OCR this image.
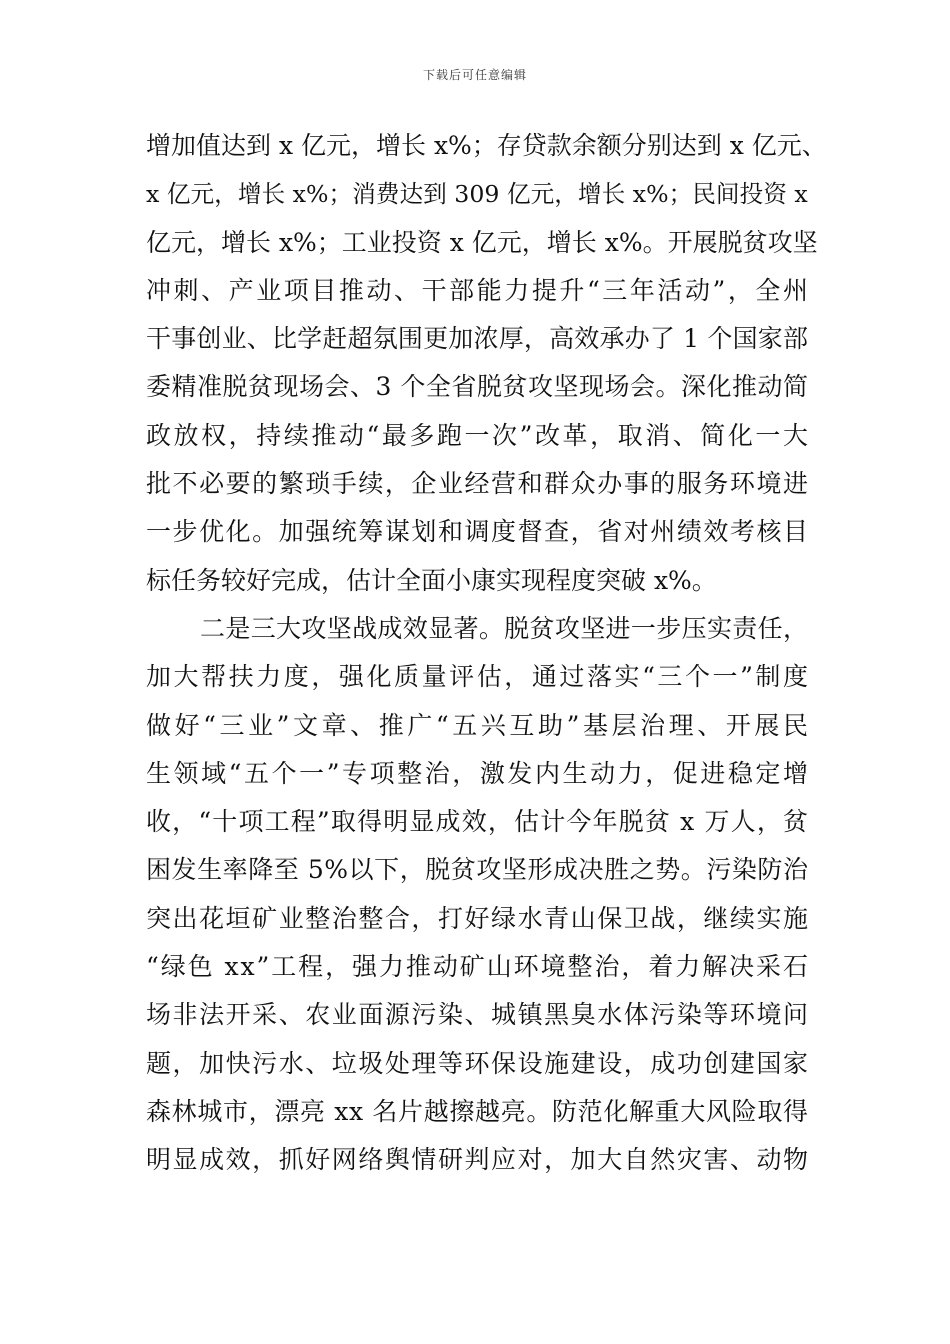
下载后可任意编辑
增加值达到 x 亿元，增长 x%；存贷款余额分别达到 x 亿元、
x 亿元，增长 x%；消费达到 309 亿元，增长 x%；民间投资 x
亿元，增长 x%；工业投资 x 亿元，增长 x%。开展脱贫攻坚
冲刺、产业项目推动、干部能力提升“三年活动”，全州
干事创业、比学赶超氛围更加浓厚，高效承办了 1 个国家部
委精准脱贫现场会、3 个全省脱贫攻坚现场会。深化推动简
政放权，持续推动“最多跑一次”改革，取消、简化一大
批不必要的繁琐手续，企业经营和群众办事的服务环境进
一步优化。加强统筹谋划和调度督查，省对州绩效考核目
标任务较好完成，估计全面小康实现程度突破 x%。
二是三大攻坚战成效显著。脱贫攻坚进一步压实责任，
加大帮扶力度，强化质量评估，通过落实“三个一”制度
做好“三业”文章、推广“五兴互助”基层治理、开展民
生领域“五个一”专项整治，激发内生动力，促进稳定增
收，“十项工程”取得明显成效，估计今年脱贫 x 万人，贫
困发生率降至 5%以下，脱贫攻坚形成决胜之势。污染防治
突出花垣矿业整治整合，打好绿水青山保卫战，继续实施
“绿色 xx”工程，强力推动矿山环境整治，着力解决采石
场非法开采、农业面源污染、城镇黑臭水体污染等环境问
题，加快污水、垃圾处理等环保设施建设，成功创建国家
森林城市，漂亮 xx 名片越擦越亮。防范化解重大风险取得
明显成效，抓好网络舆情研判应对，加大自然灾害、动物
